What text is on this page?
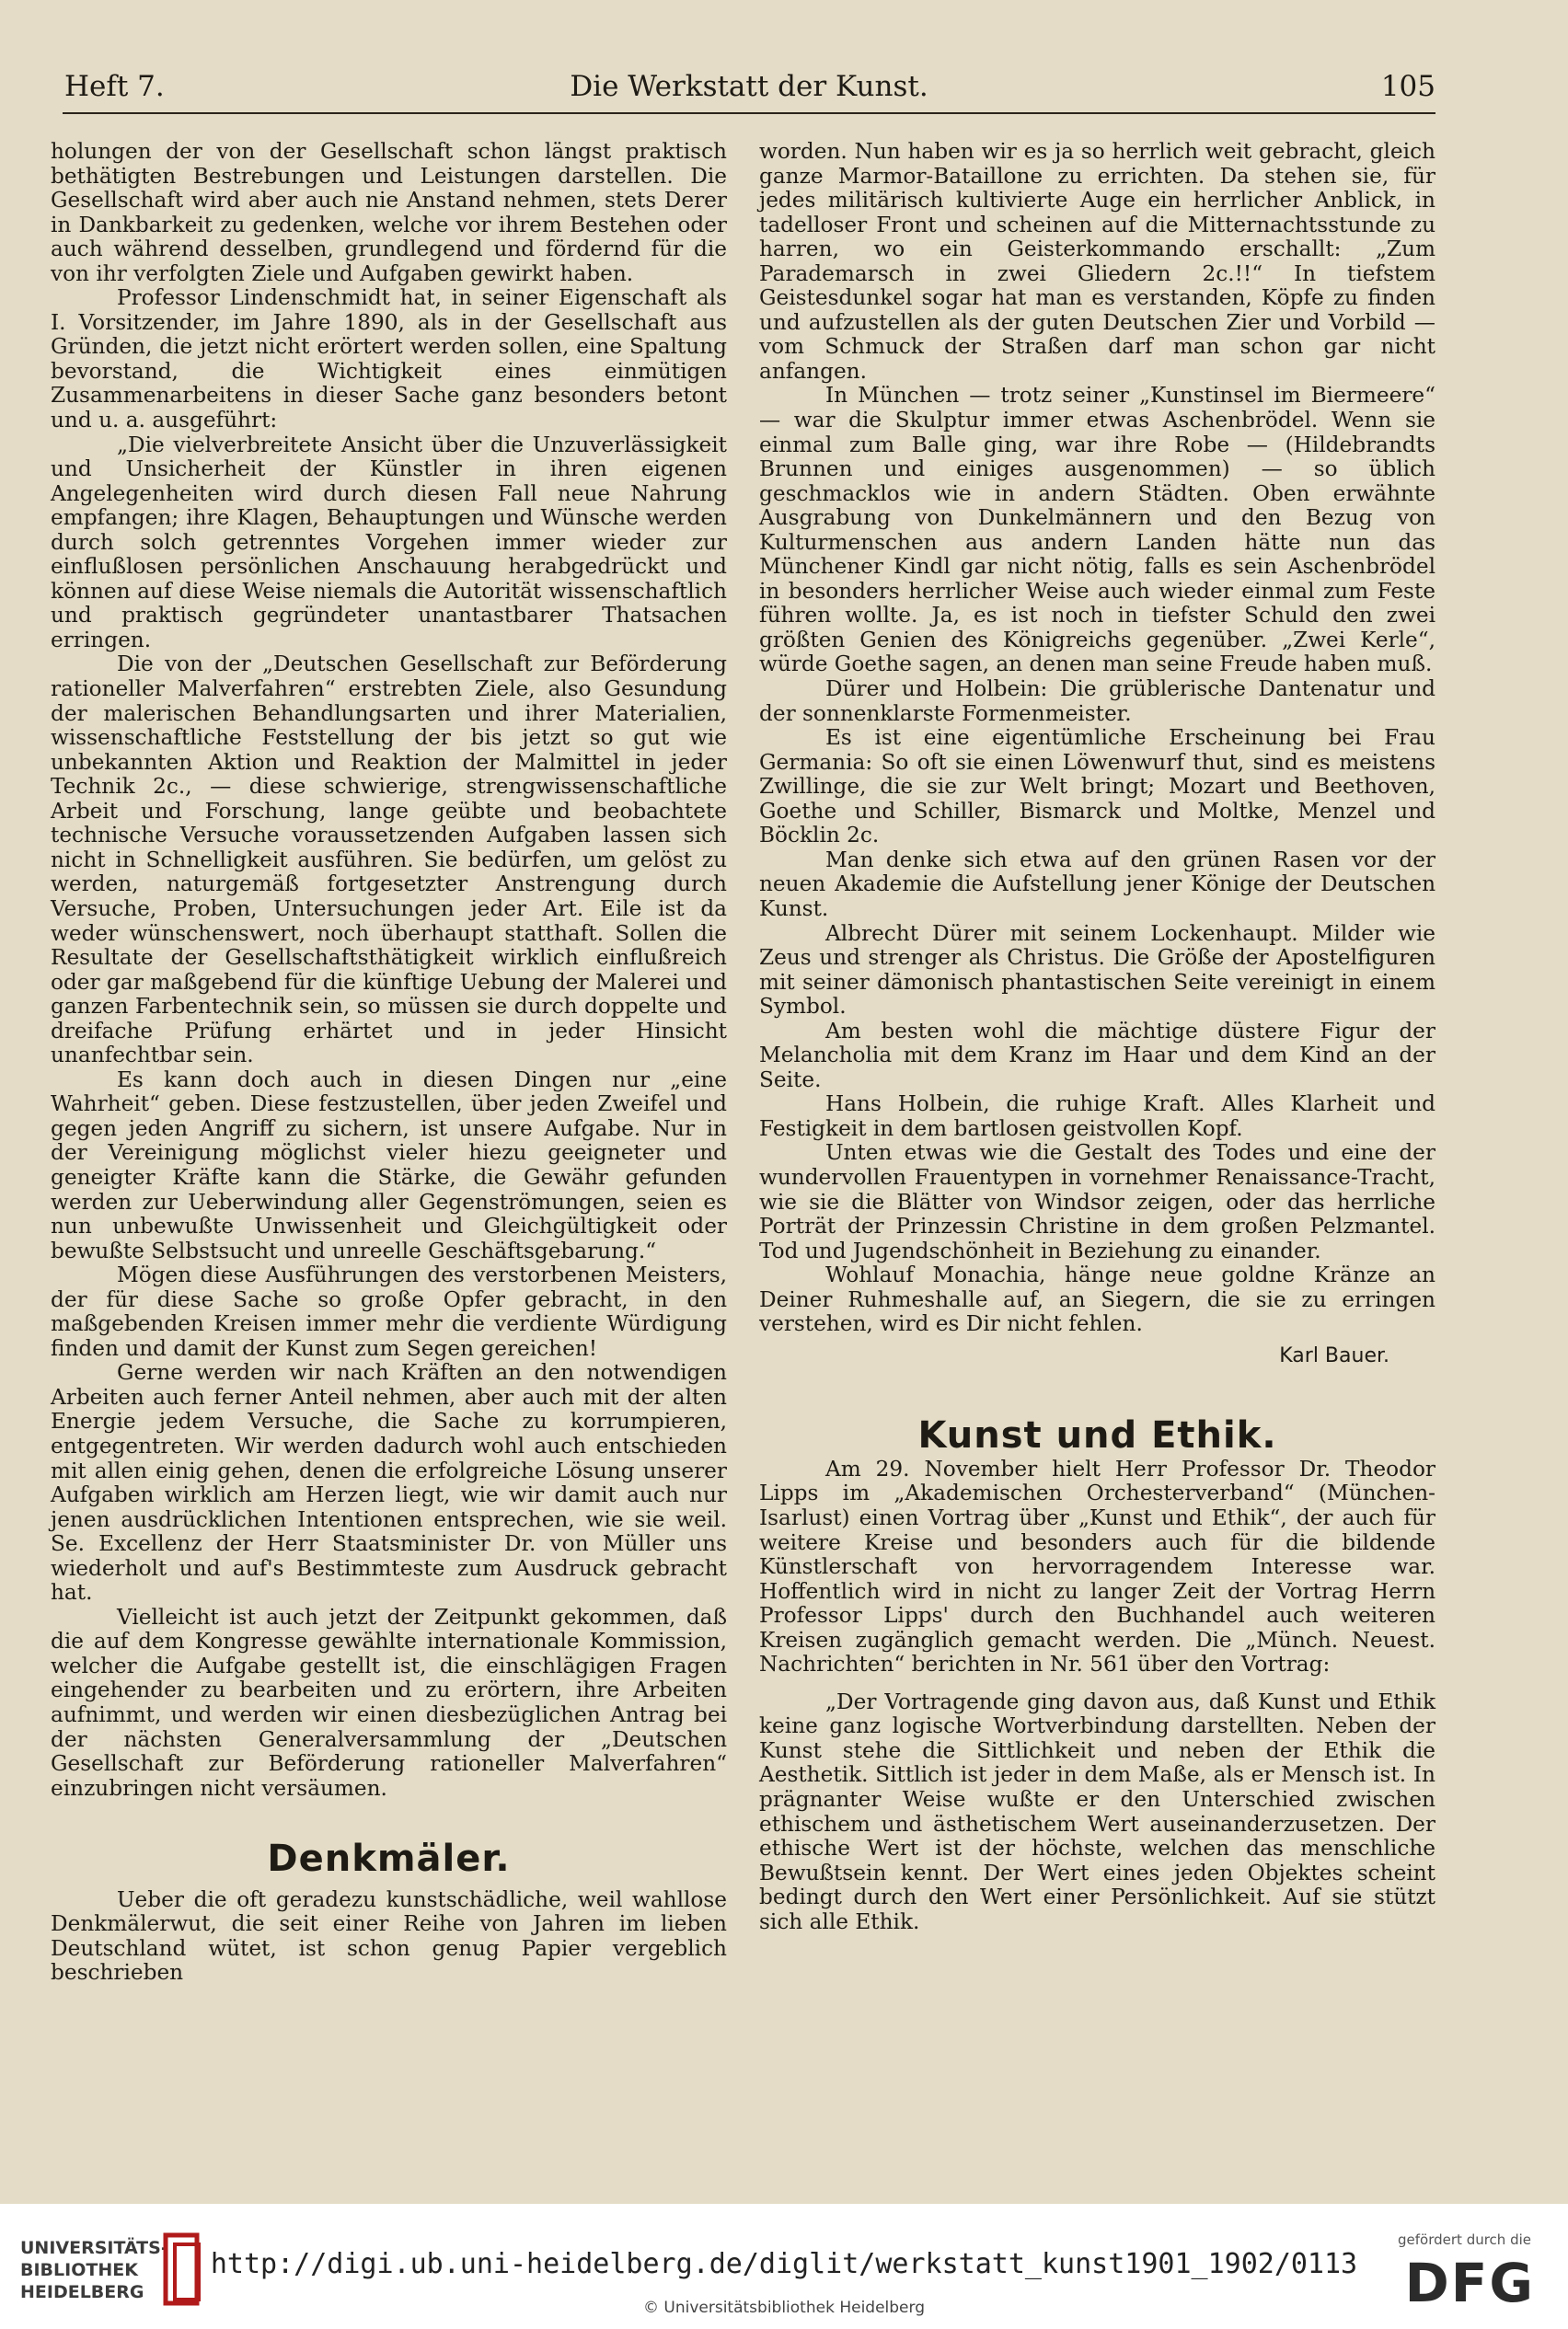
Heft 7.	Die Werkstatt der Kunst.	105

holungen der von der Gesellschaft schon längst praktisch bethätigten Bestrebungen und Leistungen darstellen. Die Gesellschaft wird aber auch nie Anstand nehmen, stets Derer in Dankbarkeit zu gedenken, welche vor ihrem Bestehen oder auch während desselben, grundlegend und fördernd für die von ihr verfolgten Ziele und Aufgaben gewirkt haben.

Professor Lindenschmidt hat, in seiner Eigenschaft als I. Vorsitzender, im Jahre 1890, als in der Gesellschaft aus Gründen, die jetzt nicht erörtert werden sollen, eine Spaltung bevorstand, die Wichtigkeit eines einmütigen Zusammenarbeitens in dieser Sache ganz besonders betont und u. a. ausgeführt:

„Die vielverbreitete Ansicht über die Unzuverlässigkeit und Unsicherheit der Künstler in ihren eigenen Angelegenheiten wird durch diesen Fall neue Nahrung empfangen; ihre Klagen, Behauptungen und Wünsche werden durch solch getrenntes Vorgehen immer wieder zur einflußlosen persönlichen Anschauung herabgedrückt und können auf diese Weise niemals die Autorität wissenschaftlich und praktisch gegründeter unantastbarer Thatsachen erringen.

Die von der „Deutschen Gesellschaft zur Beförderung rationeller Malverfahren“ erstrebten Ziele, also Gesundung der malerischen Behandlungsarten und ihrer Materialien, wissenschaftliche Feststellung der bis jetzt so gut wie unbekannten Aktion und Reaktion der Malmittel in jeder Technik 2c., — diese schwierige, strengwissenschaftliche Arbeit und Forschung, lange geübte und beobachtete technische Versuche voraussetzenden Aufgaben lassen sich nicht in Schnelligkeit ausführen. Sie bedürfen, um gelöst zu werden, naturgemäß fortgesetzter Anstrengung durch Versuche, Proben, Untersuchungen jeder Art. Eile ist da weder wünschenswert, noch überhaupt statthaft. Sollen die Resultate der Gesellschaftsthätigkeit wirklich einflußreich oder gar maßgebend für die künftige Uebung der Malerei und ganzen Farbentechnik sein, so müssen sie durch doppelte und dreifache Prüfung erhärtet und in jeder Hinsicht unanfechtbar sein.

Es kann doch auch in diesen Dingen nur „eine Wahrheit“ geben. Diese festzustellen, über jeden Zweifel und gegen jeden Angriff zu sichern, ist unsere Aufgabe. Nur in der Vereinigung möglichst vieler hiezu geeigneter und geneigter Kräfte kann die Stärke, die Gewähr gefunden werden zur Ueberwindung aller Gegenströmungen, seien es nun unbewußte Unwissenheit und Gleichgültigkeit oder bewußte Selbstsucht und unreelle Geschäftsgebarung.“

Mögen diese Ausführungen des verstorbenen Meisters, der für diese Sache so große Opfer gebracht, in den maßgebenden Kreisen immer mehr die verdiente Würdigung finden und damit der Kunst zum Segen gereichen!

Gerne werden wir nach Kräften an den notwendigen Arbeiten auch ferner Anteil nehmen, aber auch mit der alten Energie jedem Versuche, die Sache zu korrumpieren, entgegentreten. Wir werden dadurch wohl auch entschieden mit allen einig gehen, denen die erfolgreiche Lösung unserer Aufgaben wirklich am Herzen liegt, wie wir damit auch nur jenen ausdrücklichen Intentionen entsprechen, wie sie weil. Se. Excellenz der Herr Staatsminister Dr. von Müller uns wiederholt und auf's Bestimmteste zum Ausdruck gebracht hat.

Vielleicht ist auch jetzt der Zeitpunkt gekommen, daß die auf dem Kongresse gewählte internationale Kommission, welcher die Aufgabe gestellt ist, die einschlägigen Fragen eingehender zu bearbeiten und zu erörtern, ihre Arbeiten aufnimmt, und werden wir einen diesbezüglichen Antrag bei der nächsten Generalversammlung der „Deutschen Gesellschaft zur Beförderung rationeller Malverfahren“ einzubringen nicht versäumen.

Denkmäler.

Ueber die oft geradezu kunstschädliche, weil wahllose Denkmälerwut, die seit einer Reihe von Jahren im lieben Deutschland wütet, ist schon genug Papier vergeblich beschrieben

worden. Nun haben wir es ja so herrlich weit gebracht, gleich ganze Marmor-Bataillone zu errichten. Da stehen sie, für jedes militärisch kultivierte Auge ein herrlicher Anblick, in tadelloser Front und scheinen auf die Mitternachtsstunde zu harren, wo ein Geisterkommando erschallt: „Zum Parademarsch in zwei Gliedern 2c.!!“ In tiefstem Geistesdunkel sogar hat man es verstanden, Köpfe zu finden und aufzustellen als der guten Deutschen Zier und Vorbild — vom Schmuck der Straßen darf man schon gar nicht anfangen.

In München — trotz seiner „Kunstinsel im Biermeere“ — war die Skulptur immer etwas Aschenbrödel. Wenn sie einmal zum Balle ging, war ihre Robe — (Hildebrandts Brunnen und einiges ausgenommen) — so üblich geschmacklos wie in andern Städten. Oben erwähnte Ausgrabung von Dunkelmännern und den Bezug von Kulturmenschen aus andern Landen hätte nun das Münchener Kindl gar nicht nötig, falls es sein Aschenbrödel in besonders herrlicher Weise auch wieder einmal zum Feste führen wollte. Ja, es ist noch in tiefster Schuld den zwei größten Genien des Königreichs gegenüber. „Zwei Kerle“, würde Goethe sagen, an denen man seine Freude haben muß.

Dürer und Holbein: Die grüblerische Dantenatur und der sonnenklarste Formenmeister.

Es ist eine eigentümliche Erscheinung bei Frau Germania: So oft sie einen Löwenwurf thut, sind es meistens Zwillinge, die sie zur Welt bringt; Mozart und Beethoven, Goethe und Schiller, Bismarck und Moltke, Menzel und Böcklin 2c.

Man denke sich etwa auf den grünen Rasen vor der neuen Akademie die Aufstellung jener Könige der Deutschen Kunst.

Albrecht Dürer mit seinem Lockenhaupt. Milder wie Zeus und strenger als Christus. Die Größe der Apostelfiguren mit seiner dämonisch phantastischen Seite vereinigt in einem Symbol.

Am besten wohl die mächtige düstere Figur der Melancholia mit dem Kranz im Haar und dem Kind an der Seite.

Hans Holbein, die ruhige Kraft. Alles Klarheit und Festigkeit in dem bartlosen geistvollen Kopf.

Unten etwas wie die Gestalt des Todes und eine der wundervollen Frauentypen in vornehmer Renaissance-Tracht, wie sie die Blätter von Windsor zeigen, oder das herrliche Porträt der Prinzessin Christine in dem großen Pelzmantel. Tod und Jugendschönheit in Beziehung zu einander.

Wohlauf Monachia, hänge neue goldne Kränze an Deiner Ruhmeshalle auf, an Siegern, die sie zu erringen verstehen, wird es Dir nicht fehlen.

Karl Bauer.
Kunst und Ethik.

Am 29. November hielt Herr Professor Dr. Theodor Lipps im „Akademischen Orchesterverband“ (München-Isarlust) einen Vortrag über „Kunst und Ethik“, der auch für weitere Kreise und besonders auch für die bildende Künstlerschaft von hervorragendem Interesse war. Hoffentlich wird in nicht zu langer Zeit der Vortrag Herrn Professor Lipps' durch den Buchhandel auch weiteren Kreisen zugänglich gemacht werden. Die „Münch. Neuest. Nachrichten“ berichten in Nr. 561 über den Vortrag:

„Der Vortragende ging davon aus, daß Kunst und Ethik keine ganz logische Wortverbindung darstellten. Neben der Kunst stehe die Sittlichkeit und neben der Ethik die Aesthetik. Sittlich ist jeder in dem Maße, als er Mensch ist. In prägnanter Weise wußte er den Unterschied zwischen ethischem und ästhetischem Wert auseinanderzusetzen. Der ethische Wert ist der höchste, welchen das menschliche Bewußtsein kennt. Der Wert eines jeden Objektes scheint bedingt durch den Wert einer Persönlichkeit. Auf sie stützt sich alle Ethik.

UNIVERSITÄTS-BIBLIOTHEK HEIDELBERG
http://digi.ub.uni-heidelberg.de/diglit/werkstatt_kunst1901_1902/0113
© Universitätsbibliothek Heidelberg
gefördert durch die
DFG
